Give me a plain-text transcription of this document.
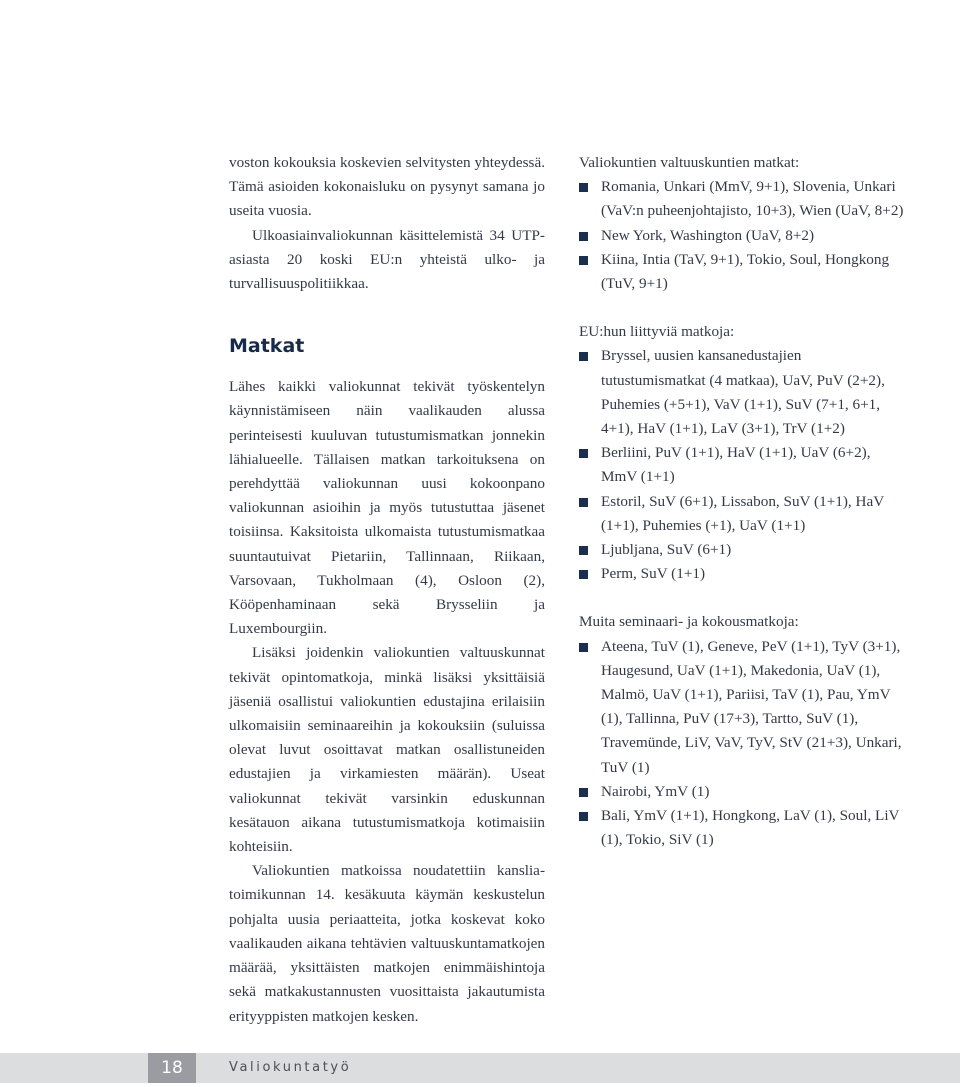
voston kokouksia koskevien selvitysten yhteydessä. Tämä asioiden kokonaisluku on pysynyt samana jo useita vuosia.

Ulkoasiainvaliokunnan käsittelemistä 34 UTP-asiasta 20 koski EU:n yhteistä ulko- ja turvallisuuspolitiikkaa.

Matkat

Lähes kaikki valiokunnat tekivät työskentelyn käynnistämiseen näin vaalikauden alussa perinteisesti kuuluvan tutustumismatkan jonnekin lähialueelle. Tällaisen matkan tarkoituksena on perehdyttää valiokunnan uusi kokoonpano valiokunnan asioihin ja myös tutustuttaa jäsenet toisiinsa. Kaksitoista ulkomaista tutustumismatkaa suuntautuivat Pietariin, Tallinnaan, Riikaan, Varsovaan, Tukholmaan (4), Osloon (2), Kööpenhaminaan sekä Brysseliin ja Luxembourgiin.

Lisäksi joidenkin valiokuntien valtuuskunnat tekivät opintomatkoja, minkä lisäksi yksittäisiä jäseniä osallistui valiokuntien edustajina erilaisiin ulkomaisiin seminaareihin ja kokouksiin (suluissa olevat luvut osoittavat matkan osallistuneiden edustajien ja virkamiesten määrän). Useat valiokunnat tekivät varsinkin eduskunnan kesätauon aikana tutustumismatkoja kotimaisiin kohteisiin.

Valiokuntien matkoissa noudatettiin kansliatoimikunnan 14. kesäkuuta käymän keskustelun pohjalta uusia periaatteita, jotka koskevat koko vaalikauden aikana tehtävien valtuuskuntamatkojen määrää, yksittäisten matkojen enimmäishintoja sekä matkakustannusten vuosittaista jakautumista erityyppisten matkojen kesken.

Valiokuntien valtuuskuntien matkat:

Romania, Unkari (MmV, 9+1), Slovenia, Unkari (VaV:n puheenjohtajisto, 10+3), Wien (UaV, 8+2)
New York, Washington (UaV, 8+2)
Kiina, Intia (TaV, 9+1), Tokio, Soul, Hongkong (TuV, 9+1)

EU:hun liittyviä matkoja:

Bryssel, uusien kansanedustajien tutustumismatkat (4 matkaa), UaV, PuV (2+2), Puhemies (+5+1), VaV (1+1), SuV (7+1, 6+1, 4+1), HaV (1+1), LaV (3+1), TrV (1+2)
Berliini, PuV (1+1), HaV (1+1), UaV (6+2), MmV (1+1)
Estoril, SuV (6+1), Lissabon, SuV (1+1), HaV (1+1), Puhemies (+1), UaV (1+1)
Ljubljana, SuV (6+1)
Perm, SuV (1+1)

Muita seminaari- ja kokousmatkoja:

Ateena, TuV (1), Geneve, PeV (1+1), TyV (3+1), Haugesund, UaV (1+1), Makedonia, UaV (1), Malmö, UaV (1+1), Pariisi, TaV (1), Pau, YmV (1), Tallinna, PuV (17+3), Tartto, SuV (1), Travemünde, LiV, VaV, TyV, StV (21+3), Unkari, TuV (1)
Nairobi, YmV (1)
Bali, YmV (1+1), Hongkong, LaV (1), Soul, LiV (1), Tokio, SiV (1)
18	Valiokuntatyö
